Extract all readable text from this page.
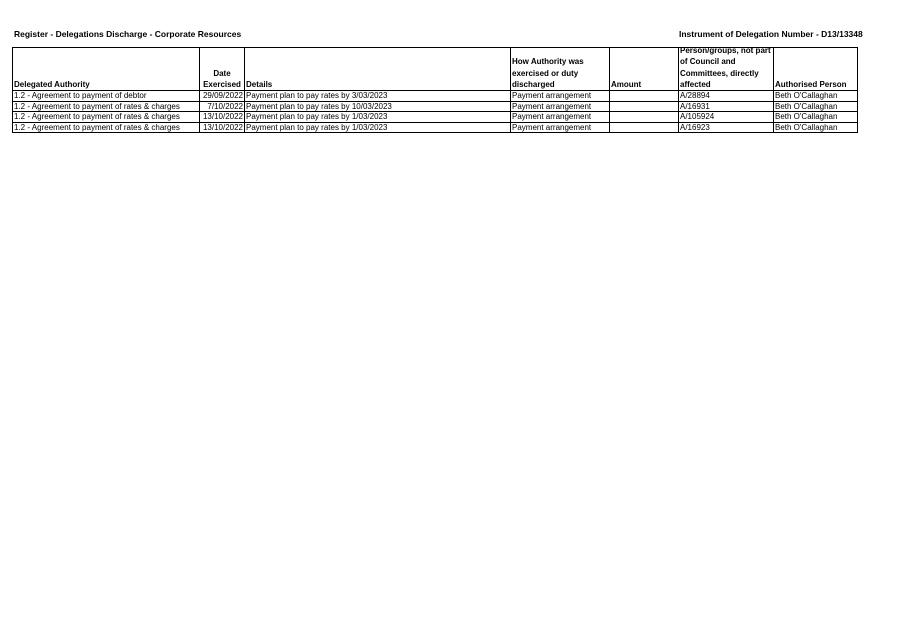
Register - Delegations Discharge - Corporate Resources	Instrument of Delegation Number - D13/13348
Delegated Authority	Date Exercised	Details	How Authority was exercised or duty discharged	Amount	Person/groups, not part of Council and Committees, directly affected	Authorised Person
1.2 - Agreement to payment of debtor	29/09/2022	Payment plan to pay rates by 3/03/2023	Payment arrangement		A/28894	Beth O'Callaghan
1.2 - Agreement to payment of rates & charges	7/10/2022	Payment plan to pay rates by 10/03/2023	Payment arrangement		A/16931	Beth O'Callaghan
1.2 - Agreement to payment of rates & charges	13/10/2022	Payment plan to pay rates by 1/03/2023	Payment arrangement		A/105924	Beth O'Callaghan
1.2 - Agreement to payment of rates & charges	13/10/2022	Payment plan to pay rates by 1/03/2023	Payment arrangement		A/16923	Beth O'Callaghan
